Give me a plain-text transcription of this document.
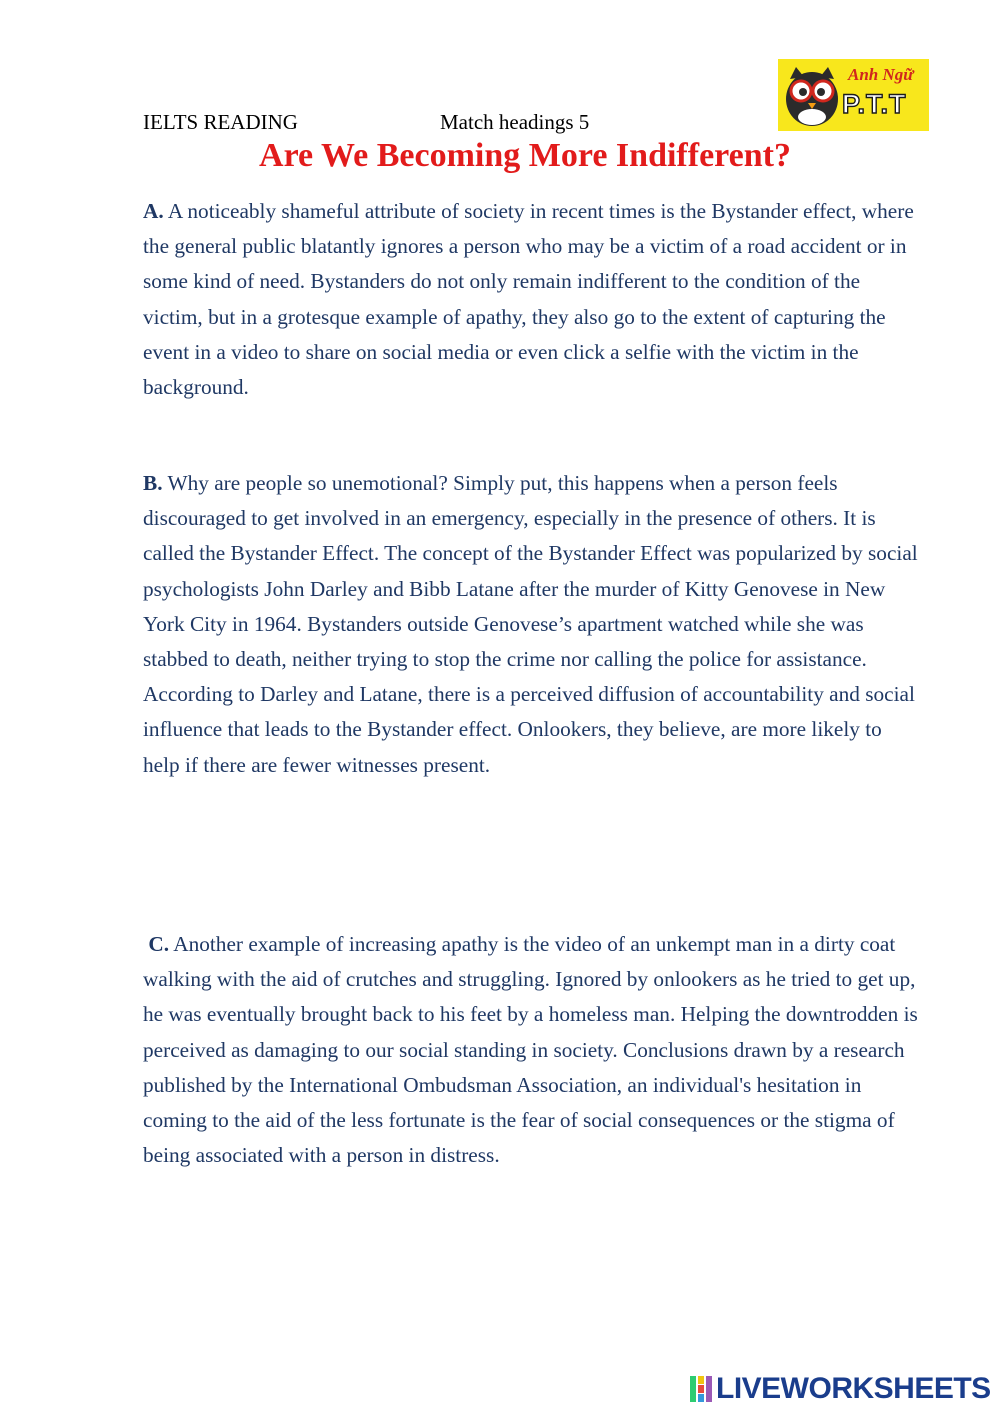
IELTS READING	Match headings 5
Anh Ngữ
P.T.T
Are We Becoming More Indifferent?
A. A noticeably shameful attribute of society in recent times is the Bystander effect, where the general public blatantly ignores a person who may be a victim of a road accident or in some kind of need. Bystanders do not only remain indifferent to the condition of the victim, but in a grotesque example of apathy, they also go to the extent of capturing the event in a video to share on social media or even click a selfie with the victim in the background.
B. Why are people so unemotional? Simply put, this happens when a person feels discouraged to get involved in an emergency, especially in the presence of others. It is called the Bystander Effect. The concept of the Bystander Effect was popularized by social psychologists John Darley and Bibb Latane after the murder of Kitty Genovese in New York City in 1964. Bystanders outside Genovese’s apartment watched while she was stabbed to death, neither trying to stop the crime nor calling the police for assistance. According to Darley and Latane, there is a perceived diffusion of accountability and social influence that leads to the Bystander effect. Onlookers, they believe, are more likely to help if there are fewer witnesses present.
C. Another example of increasing apathy is the video of an unkempt man in a dirty coat walking with the aid of crutches and struggling. Ignored by onlookers as he tried to get up, he was eventually brought back to his feet by a homeless man. Helping the downtrodden is perceived as damaging to our social standing in society. Conclusions drawn by a research published by the International Ombudsman Association, an individual's hesitation in coming to the aid of the less fortunate is the fear of social consequences or the stigma of being associated with a person in distress.
LIVEWORKSHEETS
